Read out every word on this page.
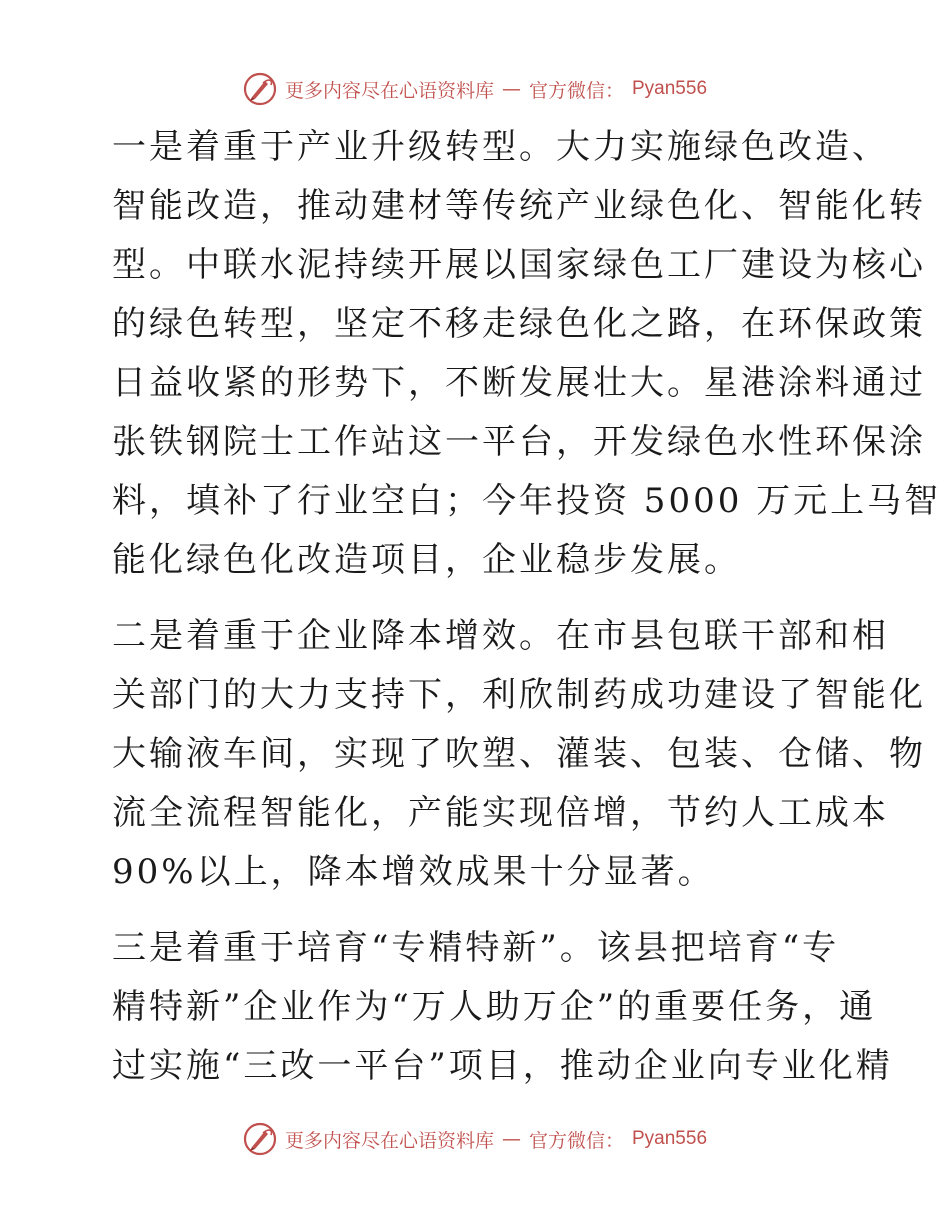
更多内容尽在心语资料库 — 官方微信： Pyan556

一是着重于产业升级转型。大力实施绿色改造、
智能改造，推动建材等传统产业绿色化、智能化转
型。中联水泥持续开展以国家绿色工厂建设为核心
的绿色转型，坚定不移走绿色化之路，在环保政策
日益收紧的形势下，不断发展壮大。星港涂料通过
张铁钢院士工作站这一平台，开发绿色水性环保涂
料，填补了行业空白；今年投资 5000 万元上马智
能化绿色化改造项目，企业稳步发展。

二是着重于企业降本增效。在市县包联干部和相
关部门的大力支持下，利欣制药成功建设了智能化
大输液车间，实现了吹塑、灌装、包装、仓储、物
流全流程智能化，产能实现倍增，节约人工成本
90%以上，降本增效成果十分显著。

三是着重于培育“专精特新”。该县把培育“专
精特新”企业作为“万人助万企”的重要任务，通
过实施“三改一平台”项目，推动企业向专业化精

更多内容尽在心语资料库 — 官方微信： Pyan556
